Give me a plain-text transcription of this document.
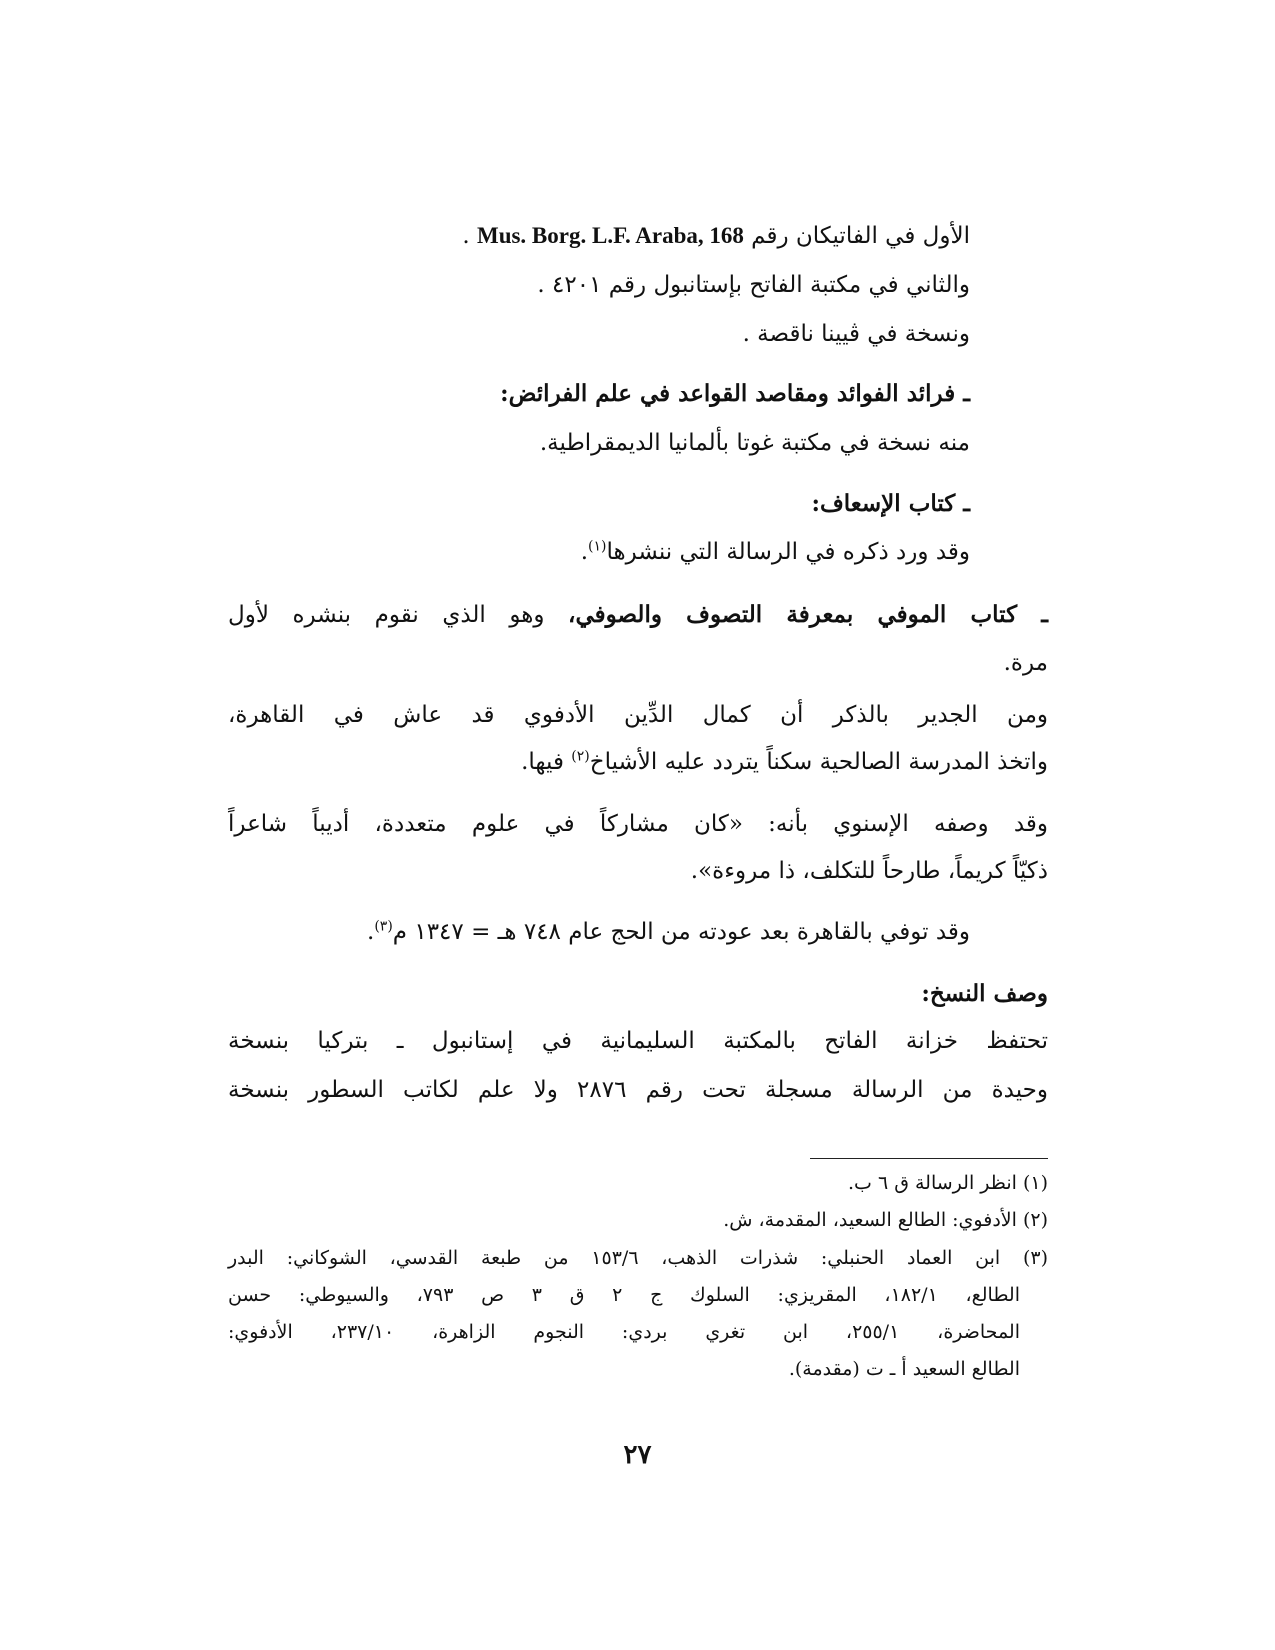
الأول في الفاتيكان رقم Mus. Borg. L.F. Araba, 168 .
والثاني في مكتبة الفاتح بإستانبول رقم ٤٢٠١ .
ونسخة في ڤيينا ناقصة .
ـ فرائد الفوائد ومقاصد القواعد في علم الفرائض:
منه نسخة في مكتبة غوتا بألمانيا الديمقراطية.
ـ كتاب الإسعاف:
وقد ورد ذكره في الرسالة التي ننشرها$^{(١)}$.
ـ كتاب الموفي بمعرفة التصوف والصوفي، وهو الذي نقوم بنشره لأول
مرة.
ومن الجدير بالذكر أن كمال الدِّين الأدفوي قد عاش في القاهرة،
واتخذ المدرسة الصالحية سكناً يتردد عليه الأشياخ$^{(٢)}$ فيها.
وقد وصفه الإسنوي بأنه: «كان مشاركاً في علوم متعددة، أديباً شاعراً
ذكيّاً كريماً، طارحاً للتكلف، ذا مروءة».
وقد توفي بالقاهرة بعد عودته من الحج عام ٧٤٨ هـ = ١٣٤٧ م$^{(٣)}$.
وصف النسخ:
تحتفظ خزانة الفاتح بالمكتبة السليمانية في إستانبول ـ بتركيا بنسخة
وحيدة من الرسالة مسجلة تحت رقم ٢٨٧٦ ولا علم لكاتب السطور بنسخة
(١) انظر الرسالة ق ٦ ب.
(٢) الأدفوي: الطالع السعيد، المقدمة، ش.
(٣) ابن العماد الحنبلي: شذرات الذهب، ١٥٣/٦ من طبعة القدسي، الشوكاني: البدر
الطالع، ١٨٢/١، المقريزي: السلوك ج ٢ ق ٣ ص ٧٩٣، والسيوطي: حسن
المحاضرة، ٢٥٥/١، ابن تغري بردي: النجوم الزاهرة، ٢٣٧/١٠، الأدفوي:
الطالع السعيد أ ـ ت (مقدمة).
٢٧
